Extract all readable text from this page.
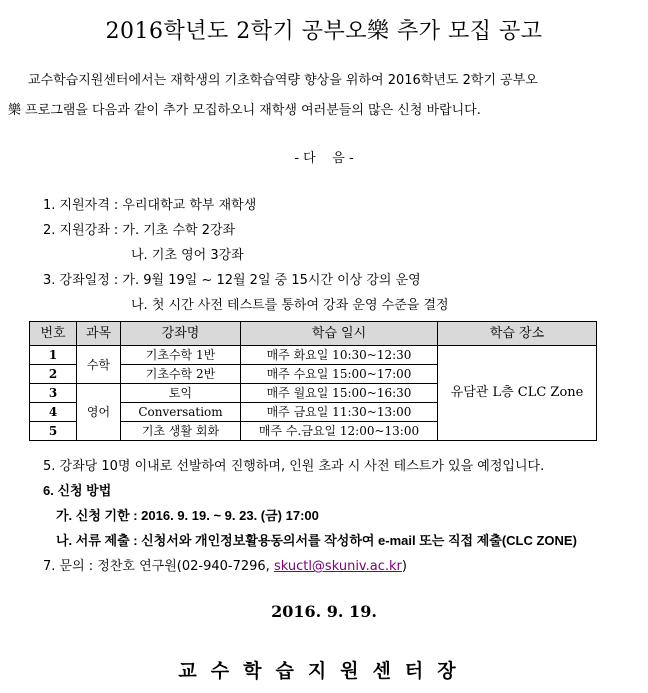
2016학년도 2학기 공부오樂 추가 모집 공고
교수학습지원센터에서는 재학생의 기초학습역량 향상을 위하여 2016학년도 2학기 공부오
樂 프로그램을 다음과 같이 추가 모집하오니 재학생 여러분들의 많은 신청 바랍니다.
- 다    음 -
1. 지원자격 : 우리대학교 학부 재학생
2. 지원강좌 : 가. 기초 수학 2강좌
나. 기초 영어 3강좌
3. 강좌일정 : 가. 9월 19일 ~ 12월 2일 중 15시간 이상 강의 운영
나. 첫 시간 사전 테스트를 통하여 강좌 운영 수준을 결정
번호	과목	강좌명	학습 일시	학습 장소
1	수학	기초수학 1반	매주 화요일 10:30~12:30	유담관 L층 CLC Zone
2		기초수학 2반	매주 수요일 15:00~17:00	
3	영어	토익	매주 월요일 15:00~16:30	
4		Conversatiom	매주 금요일 11:30~13:00	
5		기초 생활 회화	매주 수.금요일 12:00~13:00	
5. 강좌당 10명 이내로 선발하여 진행하며, 인원 초과 시 사전 테스트가 있을 예정입니다.
6. 신청 방법
가. 신청 기한 : 2016. 9. 19. ~ 9. 23. (금) 17:00
나. 서류 제출 : 신청서와 개인정보활용동의서를 작성하여 e-mail 또는 직접 제출(CLC ZONE)
7. 문의 : 정찬호 연구원(02-940-7296, skuctl@skuniv.ac.kr)
2016. 9. 19.
교수학습지원센터장
